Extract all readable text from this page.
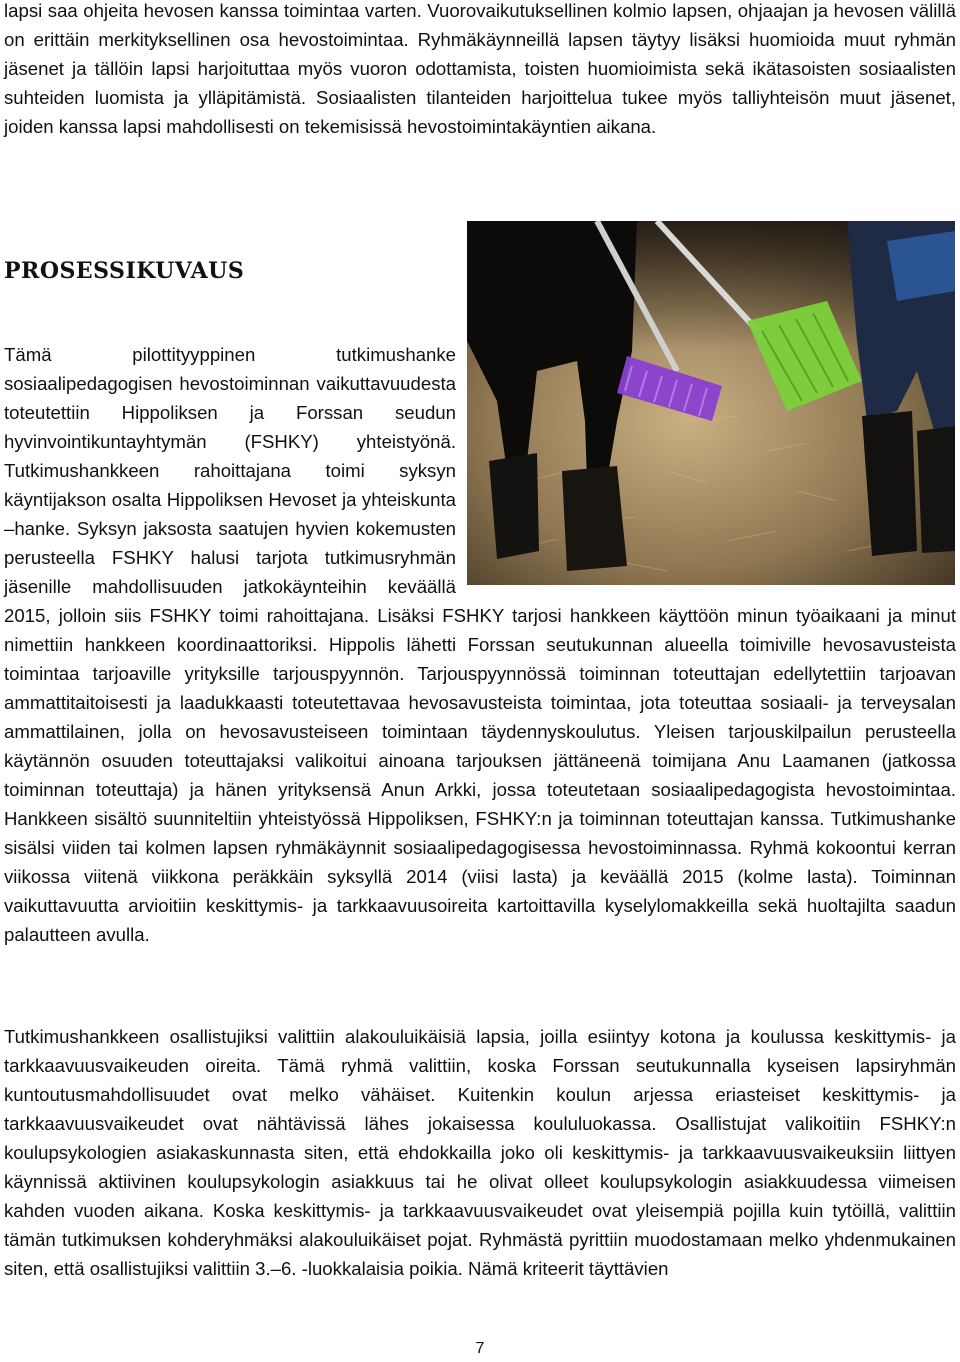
lapsi saa ohjeita hevosen kanssa toimintaa varten. Vuorovaikutuksellinen kolmio lapsen, ohjaajan ja hevosen välillä on erittäin merkityksellinen osa hevostoimintaa. Ryhmäkäynneillä lapsen täytyy lisäksi huomioida muut ryhmän jäsenet ja tällöin lapsi harjoituttaa myös vuoron odottamista, toisten huomioimista sekä ikätasoisten sosiaalisten suhteiden luomista ja ylläpitämistä. Sosiaalisten tilanteiden harjoittelua tukee myös talliyhteisön muut jäsenet, joiden kanssa lapsi mahdollisesti on tekemisissä hevostoimintakäyntien aikana.

PROSESSIKUVAUS
Tämä pilottityyppinen tutkimushanke sosiaalipedagogisen hevostoiminnan vaikuttavuudesta toteutettiin Hippoliksen ja Forssan seudun hyvinvointikuntayhtymän (FSHKY) yhteistyönä. Tutkimushankkeen rahoittajana toimi syksyn käyntijakson osalta Hippoliksen Hevoset ja yhteiskunta –hanke. Syksyn jaksosta saatujen hyvien kokemusten perusteella FSHKY halusi tarjota tutkimusryhmän jäsenille mahdollisuuden jatkokäynteihin keväällä 2015, jolloin siis FSHKY toimi rahoittajana. Lisäksi FSHKY tarjosi hankkeen käyttöön minun työaikaani ja minut nimettiin hankkeen koordinaattoriksi. Hippolis lähetti Forssan seutukunnan alueella toimiville hevosavusteista toimintaa tarjoaville yrityksille tarjouspyynnön. Tarjouspyynnössä toiminnan toteuttajan edellytettiin tarjoavan ammattitaitoisesti ja laadukkaasti toteutettavaa hevosavusteista toimintaa, jota toteuttaa sosiaali- ja terveysalan ammattilainen, jolla on hevosavusteiseen toimintaan täydennyskoulutus. Yleisen tarjouskilpailun perusteella käytännön osuuden toteuttajaksi valikoitui ainoana tarjouksen jättäneenä toimijana Anu Laamanen (jatkossa toiminnan toteuttaja) ja hänen yrityksensä Anun Arkki, jossa toteutetaan sosiaalipedagogista hevostoimintaa. Hankkeen sisältö suunniteltiin yhteistyössä Hippoliksen, FSHKY:n ja toiminnan toteuttajan kanssa. Tutkimushanke sisälsi viiden tai kolmen lapsen ryhmäkäynnit sosiaalipedagogisessa hevostoiminnassa. Ryhmä kokoontui kerran viikossa viitenä viikkona peräkkäin syksyllä 2014 (viisi lasta) ja keväällä 2015 (kolme lasta). Toiminnan vaikuttavuutta arvioitiin keskittymis- ja tarkkaavuusoireita kartoittavilla kyselylomakkeilla sekä huoltajilta saadun palautteen avulla.

Tutkimushankkeen osallistujiksi valittiin alakouluikäisiä lapsia, joilla esiintyy kotona ja koulussa keskittymis- ja tarkkaavuusvaikeuden oireita. Tämä ryhmä valittiin, koska Forssan seutukunnalla kyseisen lapsiryhmän kuntoutusmahdollisuudet ovat melko vähäiset. Kuitenkin koulun arjessa eriasteiset keskittymis- ja tarkkaavuusvaikeudet ovat nähtävissä lähes jokaisessa koululuokassa. Osallistujat valikoitiin FSHKY:n koulupsykologien asiakaskunnasta siten, että ehdokkailla joko oli keskittymis- ja tarkkaavuusvaikeuksiin liittyen käynnissä aktiivinen koulupsykologin asiakkuus tai he olivat olleet koulupsykologin asiakkuudessa viimeisen kahden vuoden aikana. Koska keskittymis- ja tarkkaavuusvaikeudet ovat yleisempiä pojilla kuin tytöillä, valittiin tämän tutkimuksen kohderyhmäksi alakouluikäiset pojat. Ryhmästä pyrittiin muodostamaan melko yhdenmukainen siten, että osallistujiksi valittiin 3.–6. -luokkalaisia poikia. Nämä kriteerit täyttävien

7
